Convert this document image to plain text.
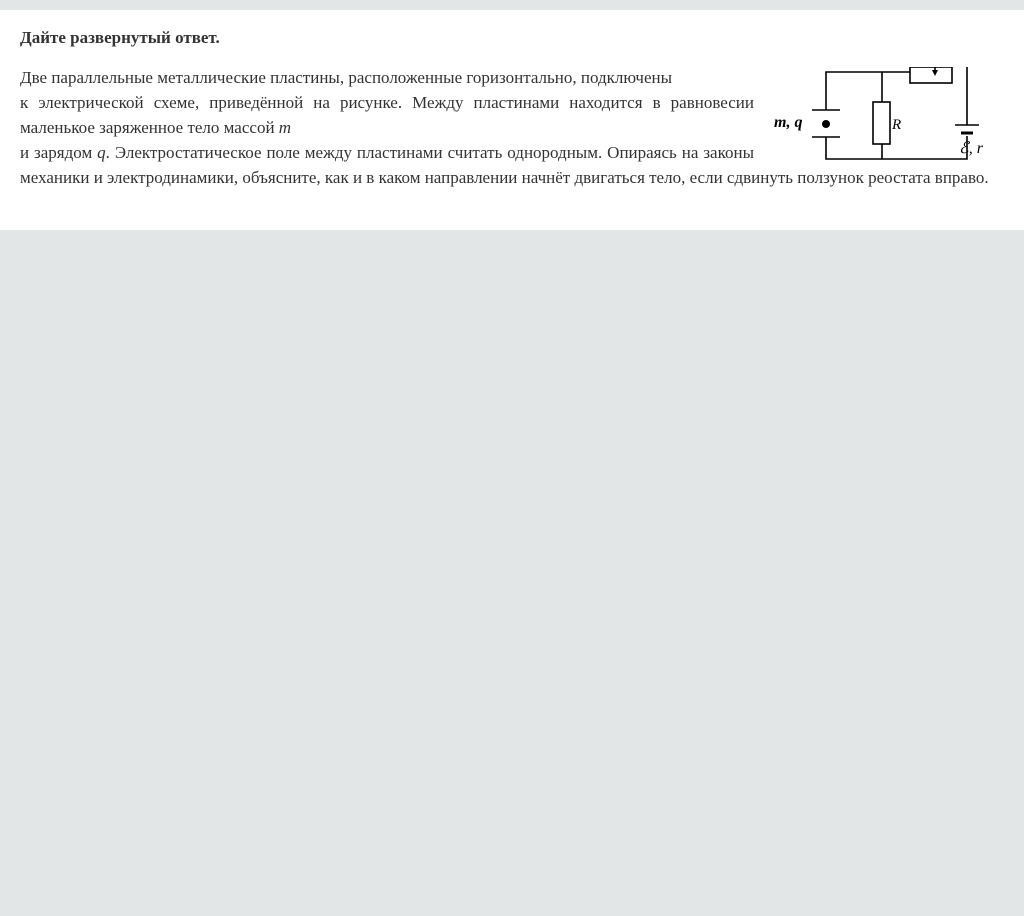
Дайте развернутый ответ.
m, q	R
ℰ, r
Две параллельные металлические пластины, расположенные горизонтально, подключены
к электрической схеме, приведённой на рисунке. Между пластинами находится в равновесии маленькое заряженное тело массой m
и зарядом q. Электростатическое поле между пластинами считать однородным. Опираясь на законы механики и электродинамики, объясните, как и в каком направлении начнёт двигаться тело, если сдвинуть ползунок реостата вправо.
